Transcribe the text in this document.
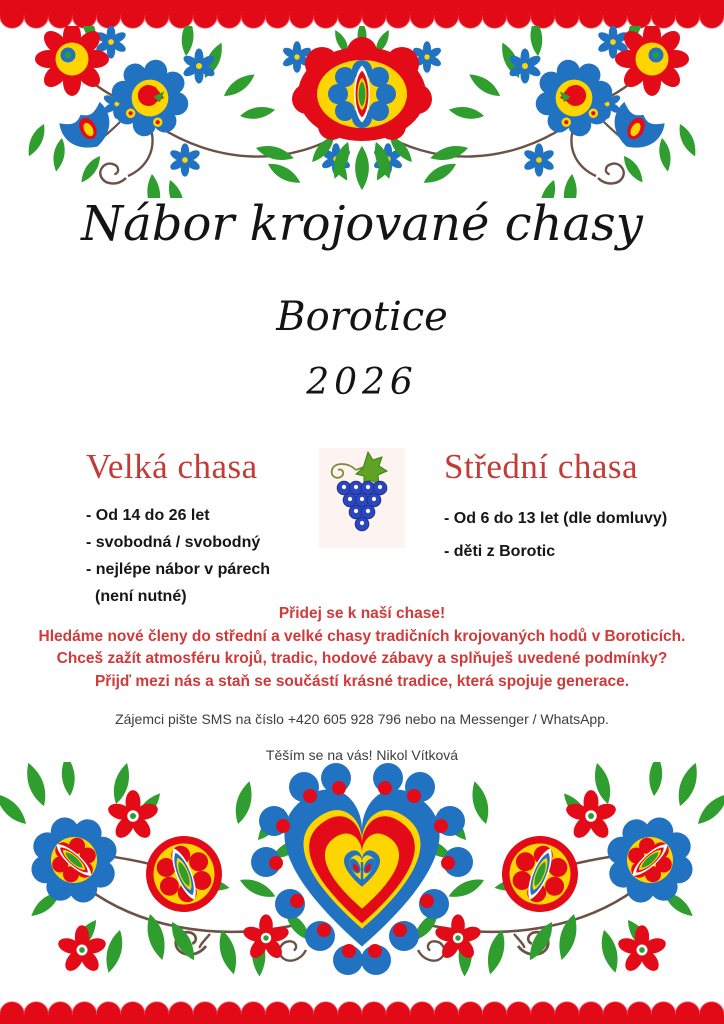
Nábor krojované chasy
Borotice
2026
Velká chasa
- Od 14 do 26 let
- svobodná / svobodný
- nejlépe nábor v párech
(není nutné)
Střední chasa
- Od 6 do 13 let (dle domluvy)
- děti z Borotic
Přidej se k naší chase!
Hledáme nové členy do střední a velké chasy tradičních krojovaných hodů v Boroticích.
Chceš zažít atmosféru krojů, tradic, hodové zábavy a splňuješ uvedené podmínky?
Přijď mezi nás a staň se součástí krásné tradice, která spojuje generace.
Zájemci pište SMS na číslo +420 605 928 796 nebo na Messenger / WhatsApp.
Těším se na vás! Nikol Vítková
